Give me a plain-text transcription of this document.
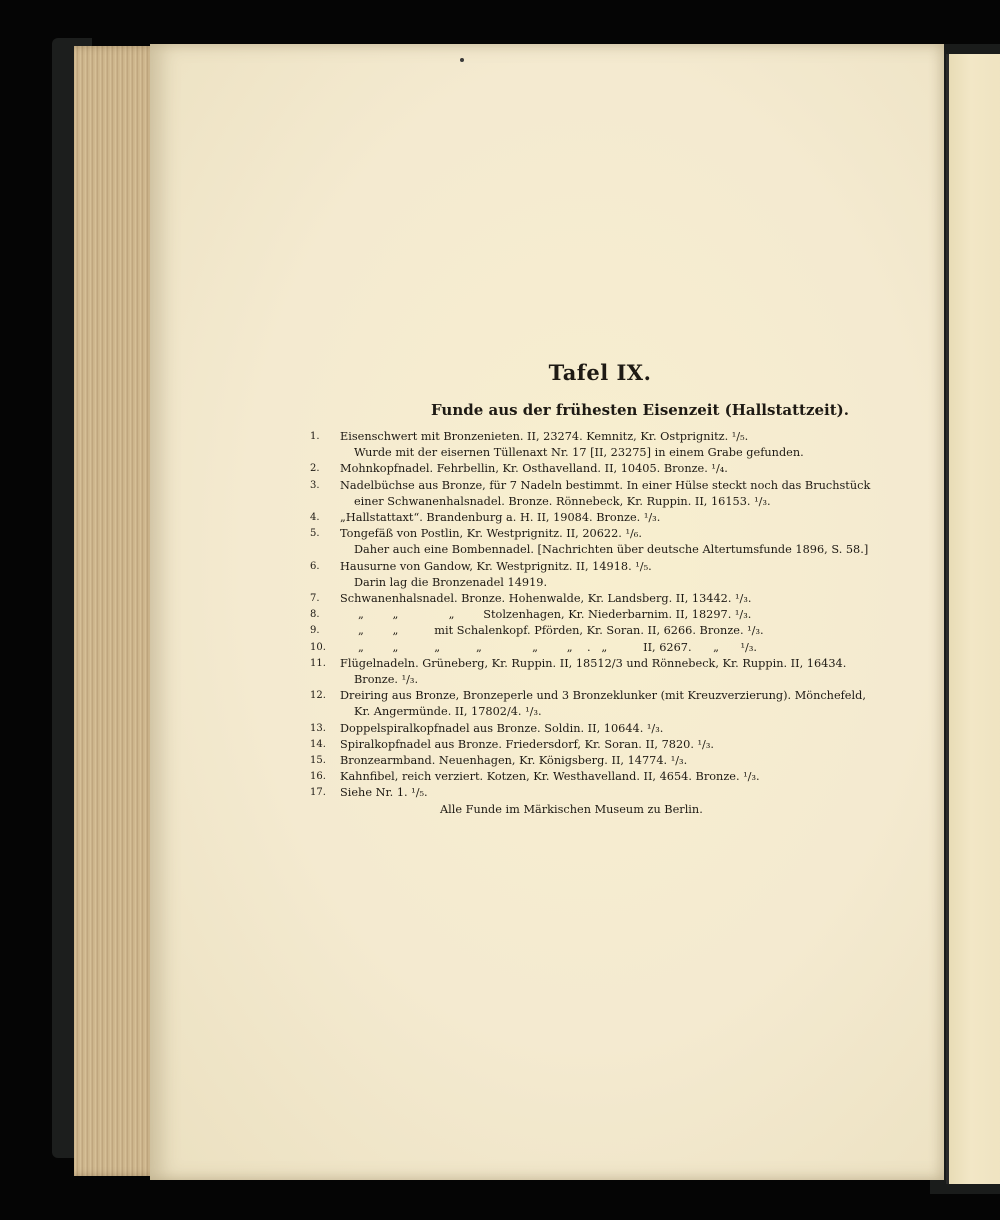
Tafel IX.
Funde aus der frühesten Eisenzeit (Hallstattzeit).
1.	Eisenschwert mit Bronzenieten. II, 23274. Kemnitz, Kr. Ostprignitz. ¹/₅.
Wurde mit der eisernen Tüllenaxt Nr. 17 [II, 23275] in einem Grabe gefunden.
2.	Mohnkopfnadel. Fehrbellin, Kr. Osthavelland. II, 10405. Bronze. ¹/₄.
3.	Nadelbüchse aus Bronze, für 7 Nadeln bestimmt. In einer Hülse steckt noch das Bruchstück
einer Schwanenhalsnadel. Bronze. Rönnebeck, Kr. Ruppin. II, 16153. ¹/₃.
4.	„Hallstattaxt“. Brandenburg a. H. II, 19084. Bronze. ¹/₃.
5.	Tongefäß von Postlin, Kr. Westprignitz. II, 20622. ¹/₆.
Daher auch eine Bombennadel. [Nachrichten über deutsche Altertumsfunde 1896, S. 58.]
6.	Hausurne von Gandow, Kr. Westprignitz. II, 14918. ¹/₅.
Darin lag die Bronzenadel 14919.
7.	Schwanenhalsnadel. Bronze. Hohenwalde, Kr. Landsberg. II, 13442. ¹/₃.
8.	„        „              „        Stolzenhagen, Kr. Niederbarnim. II, 18297. ¹/₃.
9.	„        „          mit Schalenkopf. Pförden, Kr. Soran. II, 6266. Bronze. ¹/₃.
10.	„        „          „          „              „        „    .   „          II, 6267.      „      ¹/₃.
11.	Flügelnadeln. Grüneberg, Kr. Ruppin. II, 18512/3 und Rönnebeck, Kr. Ruppin. II, 16434.
Bronze. ¹/₃.
12.	Dreiring aus Bronze, Bronzeperle und 3 Bronzeklunker (mit Kreuzverzierung). Mönchefeld,
Kr. Angermünde. II, 17802/4. ¹/₃.
13.	Doppelspiralkopfnadel aus Bronze. Soldin. II, 10644. ¹/₃.
14.	Spiralkopfnadel aus Bronze. Friedersdorf, Kr. Soran. II, 7820. ¹/₃.
15.	Bronzearmband. Neuenhagen, Kr. Königsberg. II, 14774. ¹/₃.
16.	Kahnfibel, reich verziert. Kotzen, Kr. Westhavelland. II, 4654. Bronze. ¹/₃.
17.	Siehe Nr. 1. ¹/₅.
Alle Funde im Märkischen Museum zu Berlin.
